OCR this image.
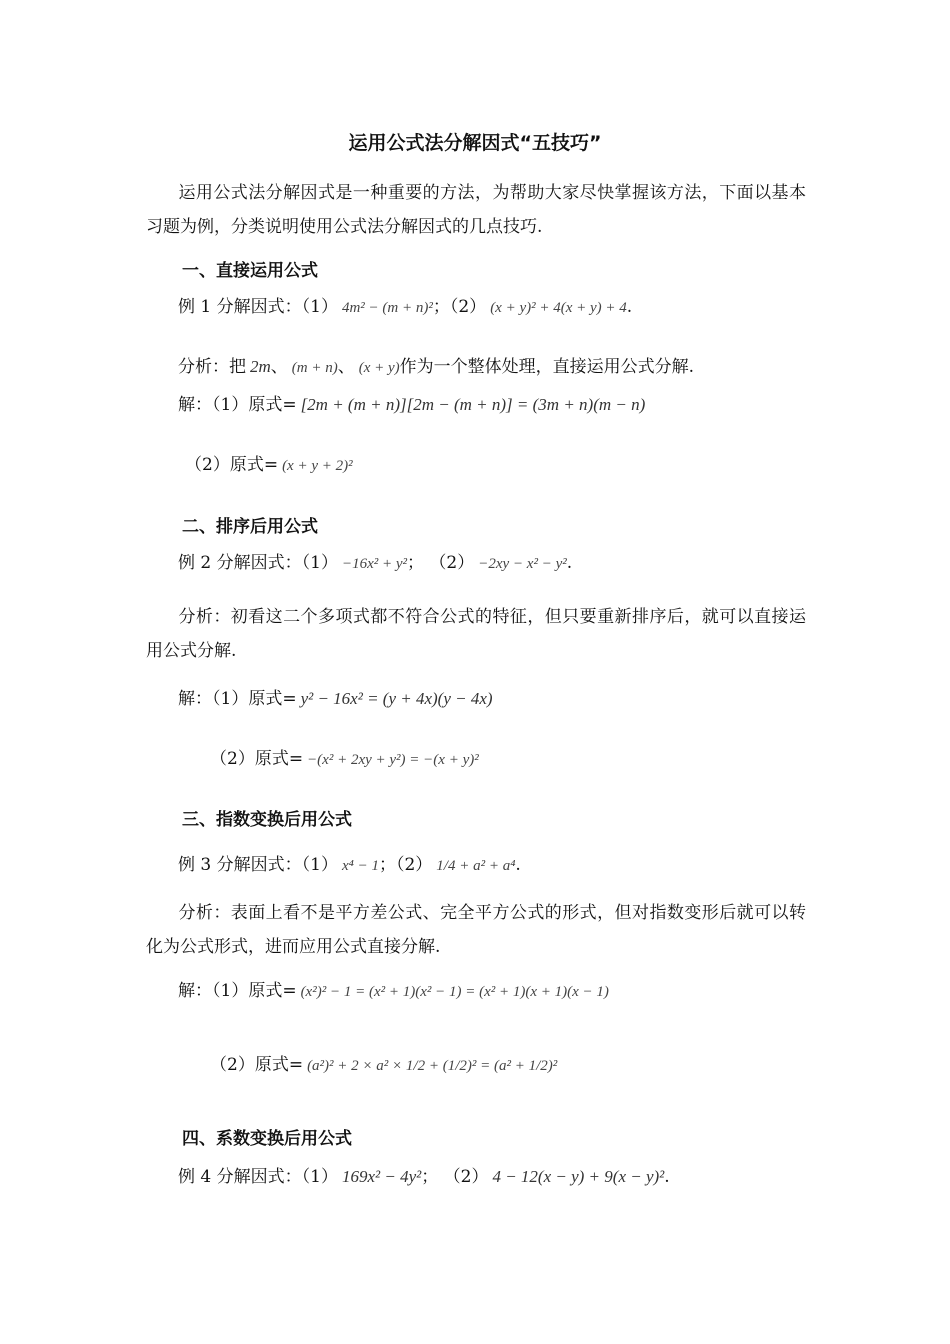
运用公式法分解因式“五技巧”
运用公式法分解因式是一种重要的方法，为帮助大家尽快掌握该方法，下面以基本习题为例，分类说明使用公式法分解因式的几点技巧.
一、直接运用公式
例 1 分解因式：（1） 4m² − (m + n)²；（2） (x + y)² + 4(x + y) + 4.
分析：把 2m、 (m + n)、 (x + y)作为一个整体处理，直接运用公式分解.
解：（1）原式= [2m + (m + n)][2m − (m + n)] = (3m + n)(m − n)
（2）原式= (x + y + 2)²
二、排序后用公式
例 2 分解因式：（1） −16x² + y²； （2） −2xy − x² − y².
分析：初看这二个多项式都不符合公式的特征，但只要重新排序后，就可以直接运用公式分解.
解：（1）原式= y² − 16x² = (y + 4x)(y − 4x)
（2）原式= −(x² + 2xy + y²) = −(x + y)²
三、指数变换后用公式
例 3 分解因式：（1） x⁴ − 1；（2） 1/4 + a² + a⁴.
分析：表面上看不是平方差公式、完全平方公式的形式，但对指数变形后就可以转化为公式形式，进而应用公式直接分解.
解：（1）原式= (x²)² − 1 = (x² + 1)(x² − 1) = (x² + 1)(x + 1)(x − 1)
（2）原式= (a²)² + 2 × a² × 1/2 + (1/2)² = (a² + 1/2)²
四、系数变换后用公式
例 4 分解因式：（1） 169x² − 4y²； （2） 4 − 12(x − y) + 9(x − y)².
